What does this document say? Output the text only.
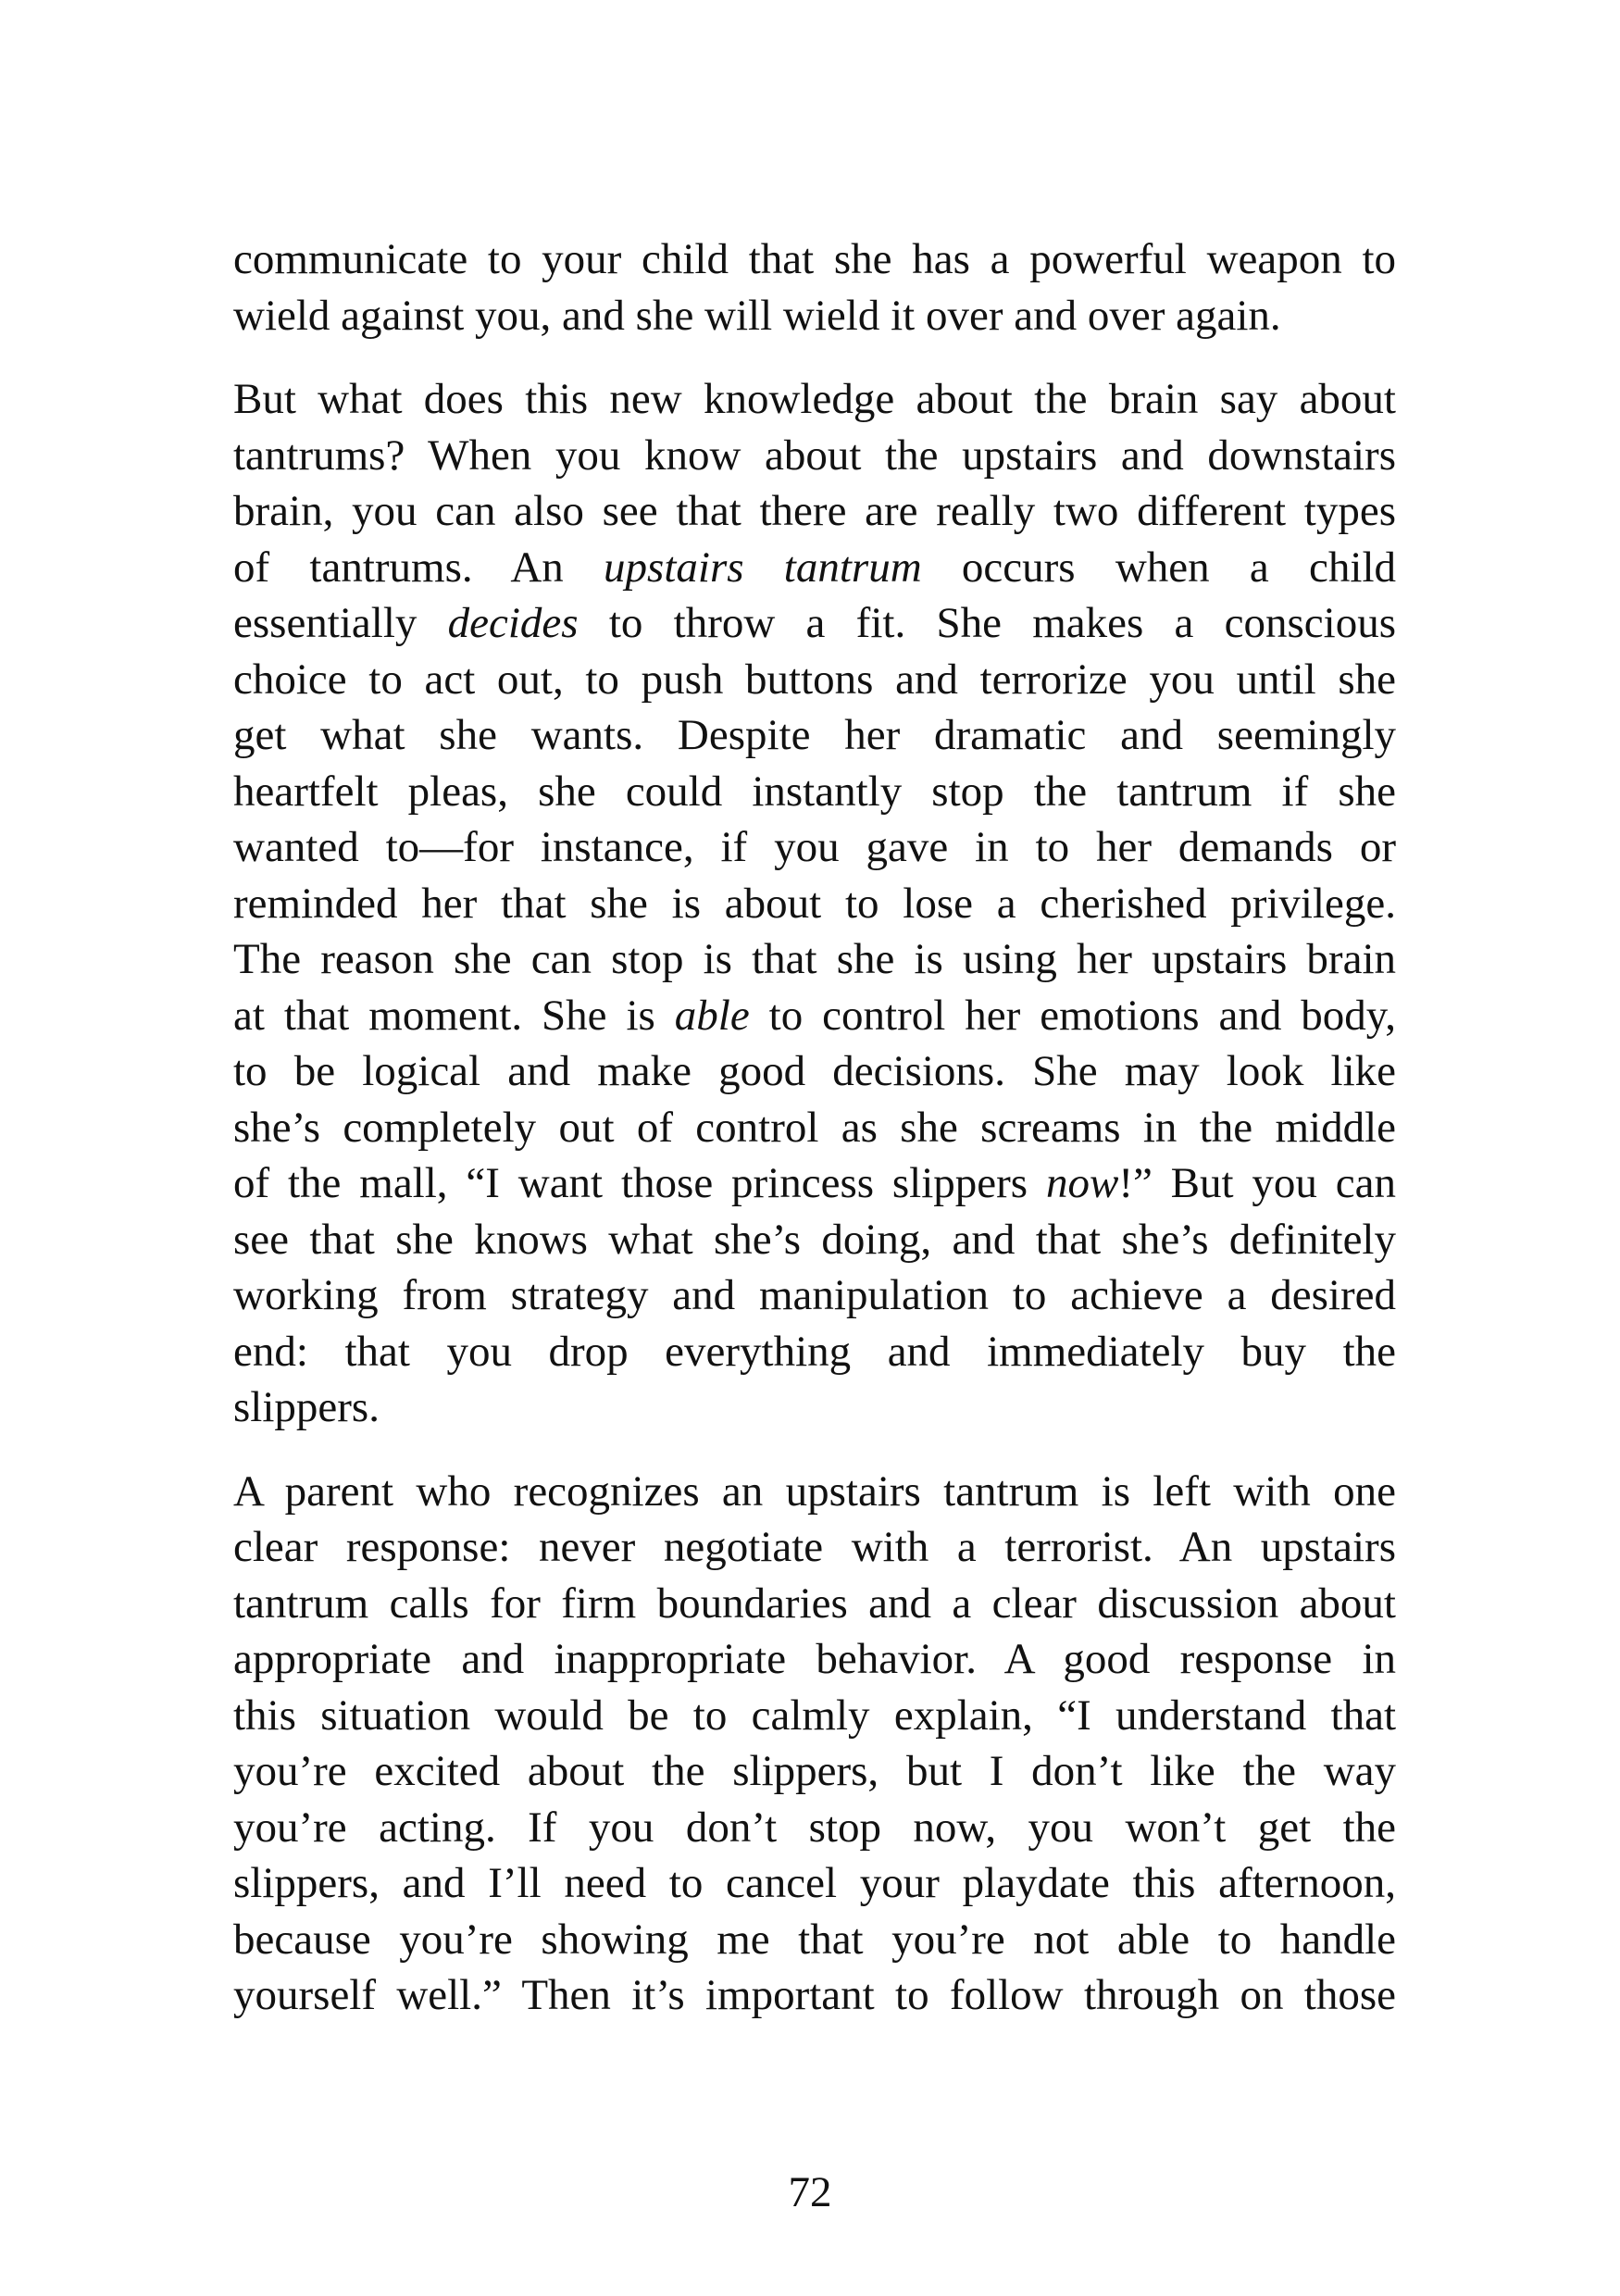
communicate to your child that she has a powerful weapon to
wield against you, and she will wield it over and over again.
But what does this new knowledge about the brain say about
tantrums? When you know about the upstairs and downstairs
brain, you can also see that there are really two different types
of tantrums. An upstairs tantrum occurs when a child
essentially decides to throw a fit. She makes a conscious
choice to act out, to push buttons and terrorize you until she
get what she wants. Despite her dramatic and seemingly
heartfelt pleas, she could instantly stop the tantrum if she
wanted to—for instance, if you gave in to her demands or
reminded her that she is about to lose a cherished privilege.
The reason she can stop is that she is using her upstairs brain
at that moment. She is able to control her emotions and body,
to be logical and make good decisions. She may look like
she’s completely out of control as she screams in the middle
of the mall, “I want those princess slippers now!” But you can
see that she knows what she’s doing, and that she’s definitely
working from strategy and manipulation to achieve a desired
end: that you drop everything and immediately buy the
slippers.
A parent who recognizes an upstairs tantrum is left with one
clear response: never negotiate with a terrorist. An upstairs
tantrum calls for firm boundaries and a clear discussion about
appropriate and inappropriate behavior. A good response in
this situation would be to calmly explain, “I understand that
you’re excited about the slippers, but I don’t like the way
you’re acting. If you don’t stop now, you won’t get the
slippers, and I’ll need to cancel your playdate this afternoon,
because you’re showing me that you’re not able to handle
yourself well.” Then it’s important to follow through on those
72
